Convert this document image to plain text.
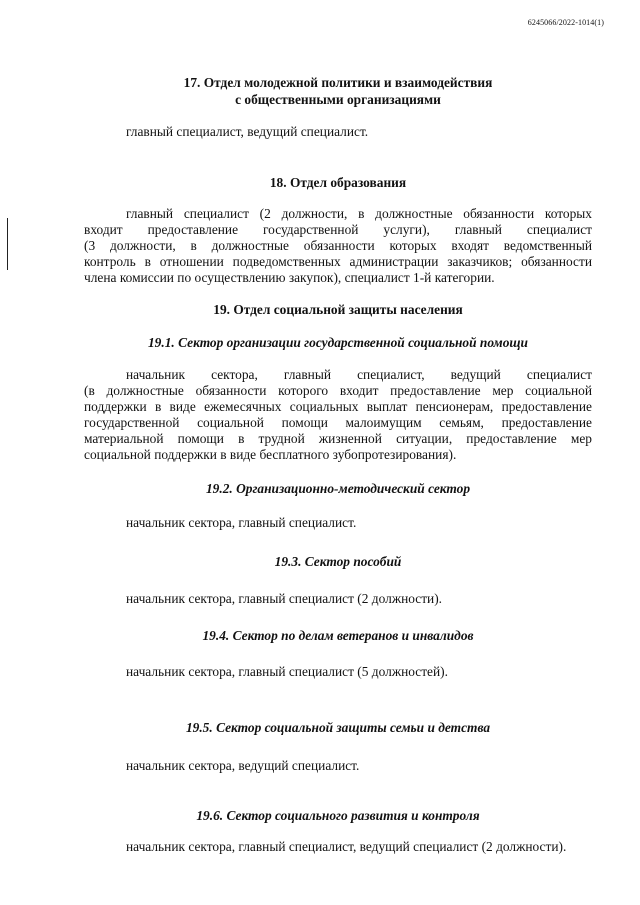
6245066/2022-1014(1)

17. Отдел молодежной политики и взаимодействия

с общественными организациями

главный специалист, ведущий специалист.

18. Отдел образования

главный специалист (2 должности, в должностные обязанности которых
входит предоставление государственной услуги), главный специалист
(3 должности, в должностные обязанности которых входят ведомственный
контроль в отношении подведомственных администрации заказчиков; обязанности
члена комиссии по осуществлению закупок), специалист 1-й категории.

19. Отдел социальной защиты населения

19.1. Сектор организации государственной социальной помощи

начальник сектора, главный специалист, ведущий специалист
(в должностные обязанности которого входит предоставление мер социальной
поддержки в виде ежемесячных социальных выплат пенсионерам, предоставление
государственной социальной помощи малоимущим семьям, предоставление
материальной помощи в трудной жизненной ситуации, предоставление мер
социальной поддержки в виде бесплатного зубопротезирования).

19.2. Организационно-методический сектор

начальник сектора, главный специалист.

19.3. Сектор пособий

начальник сектора, главный специалист (2 должности).

19.4. Сектор по делам ветеранов и инвалидов

начальник сектора, главный специалист (5 должностей).

19.5. Сектор социальной защиты семьи и детства

начальник сектора, ведущий специалист.

19.6. Сектор социального развития и контроля

начальник сектора, главный специалист, ведущий специалист (2 должности).
